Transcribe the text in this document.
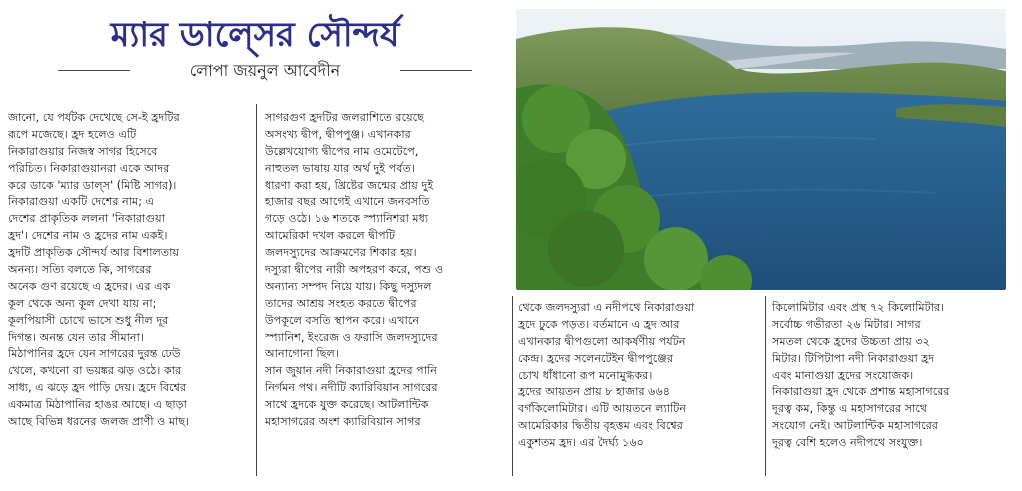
ম্যার ডাল্সের সৌন্দর্য
লোপা জয়নুল আবেদীন
জানো, যে পর্যটক দেখেছে সে-ই হ্রদটির
রূপে মজেছে। হ্রদ হলেও এটি
নিকারাগুয়ার নিজস্ব সাগর হিসেবে
পরিচিত। নিকারাগুয়ানরা একে আদর
করে ডাকে 'ম্যার ডাল্স' (মিষ্টি সাগর)।
নিকারাগুয়া একটি দেশের নাম; এ
দেশের প্রাকৃতিক ললনা 'নিকারাগুয়া
হ্রদ'। দেশের নাম ও হ্রদের নাম একই।
হ্রদটি প্রাকৃতিক সৌন্দর্য আর বিশালতায়
অনন্য। সত্যি বলতে কি, সাগরের
অনেক গুণ রয়েছে এ হ্রদের। এর এক
কূল থেকে অন্য কূল দেখা যায় না;
কূলপিয়াসী চোখে ভাসে শুধু নীল দূর
দিগন্ত। অনন্ত যেন তার সীমানা।
মিঠাপানির হ্রদে যেন সাগরের দুরন্ত ঢেউ
খেলে, কখনো বা ভয়ঙ্কর ঝড় ওঠে। কার
সাধ্য, এ ঝড়ে হ্রদ পাড়ি দেয়। হ্রদে বিশ্বের
একমাত্র মিঠাপানির হাঙর আছে। এ ছাড়া
আছে বিভিন্ন ধরনের জলজ প্রাণী ও মাছ।
সাগরগুণ হ্রদটির জলরাশিতে রয়েছে
অসংখ্য দ্বীপ, দ্বীপপুঞ্জ। এখানকার
উল্লেখযোগ্য দ্বীপের নাম ওমেটেপে,
নাহুতল ভাষায় যার অর্থ দুই পর্বত।
ধারণা করা হয়, খ্রিষ্টের জন্মের প্রায় দুই
হাজার বছর আগেই এখানে জনবসতি
গড়ে ওঠে। ১৬ শতকে স্প্যানিশরা মধ্য
আমেরিকা দখল করলে দ্বীপটি
জলদস্যুদের আক্রমণের শিকার হয়।
দস্যুরা দ্বীপের নারী অপহরণ করে, পশু ও
অন্যান্য সম্পদ নিয়ে যায়। কিছু দস্যুদল
তাদের আশ্রয় সংহত করতে দ্বীপের
উপকূলে বসতি স্থাপন করে। এখানে
স্প্যানিশ, ইংরেজ ও ফরাসি জলদস্যুদের
আনাগোনা ছিল।
সান জুয়ান নদী নিকারাগুয়া হ্রদের পানি
নির্গমন পথ। নদীটি ক্যারিবিয়ান সাগরের
সাথে হ্রদকে যুক্ত করেছে। আটলান্টিক
মহাসাগরের অংশ ক্যারিবিয়ান সাগর
থেকে জলদস্যুরা এ নদীপথে নিকারাগুয়া
হ্রদে ঢুকে পড়ত। বর্তমানে এ হ্রদ আর
এখানকার দ্বীপগুলো আকর্ষণীয় পর্যটন
কেন্দ্র। হ্রদের সলেনটেইন দ্বীপপুঞ্জের
চোখ ধাঁধানো রূপ মনোমুগ্ধকর।
হ্রদের আয়তন প্রায় ৮ হাজার ৬৬৪
বর্গকিলোমিটার। এটি আয়তনে ল্যাটিন
আমেরিকার দ্বিতীয় বৃহত্তম এবং বিশ্বের
একুশতম হ্রদ। এর দৈর্ঘ্য ১৬০
কিলোমিটার এবং প্রস্থ ৭২ কিলোমিটার।
সর্বোচ্চ গভীরতা ২৬ মিটার। সাগর
সমতল থেকে হ্রদের উচ্চতা প্রায় ৩২
মিটার। টিপিটাপা নদী নিকারাগুয়া হ্রদ
এবং মানাগুয়া হ্রদের সংযোজক।
নিকারাগুয়া হ্রদ থেকে প্রশান্ত মহাসাগরের
দূরত্ব কম, কিন্তু এ মহাসাগরের সাথে
সংযোগ নেই। আটলান্টিক মহাসাগরের
দূরত্ব বেশি হলেও নদীপথে সংযুক্ত।
